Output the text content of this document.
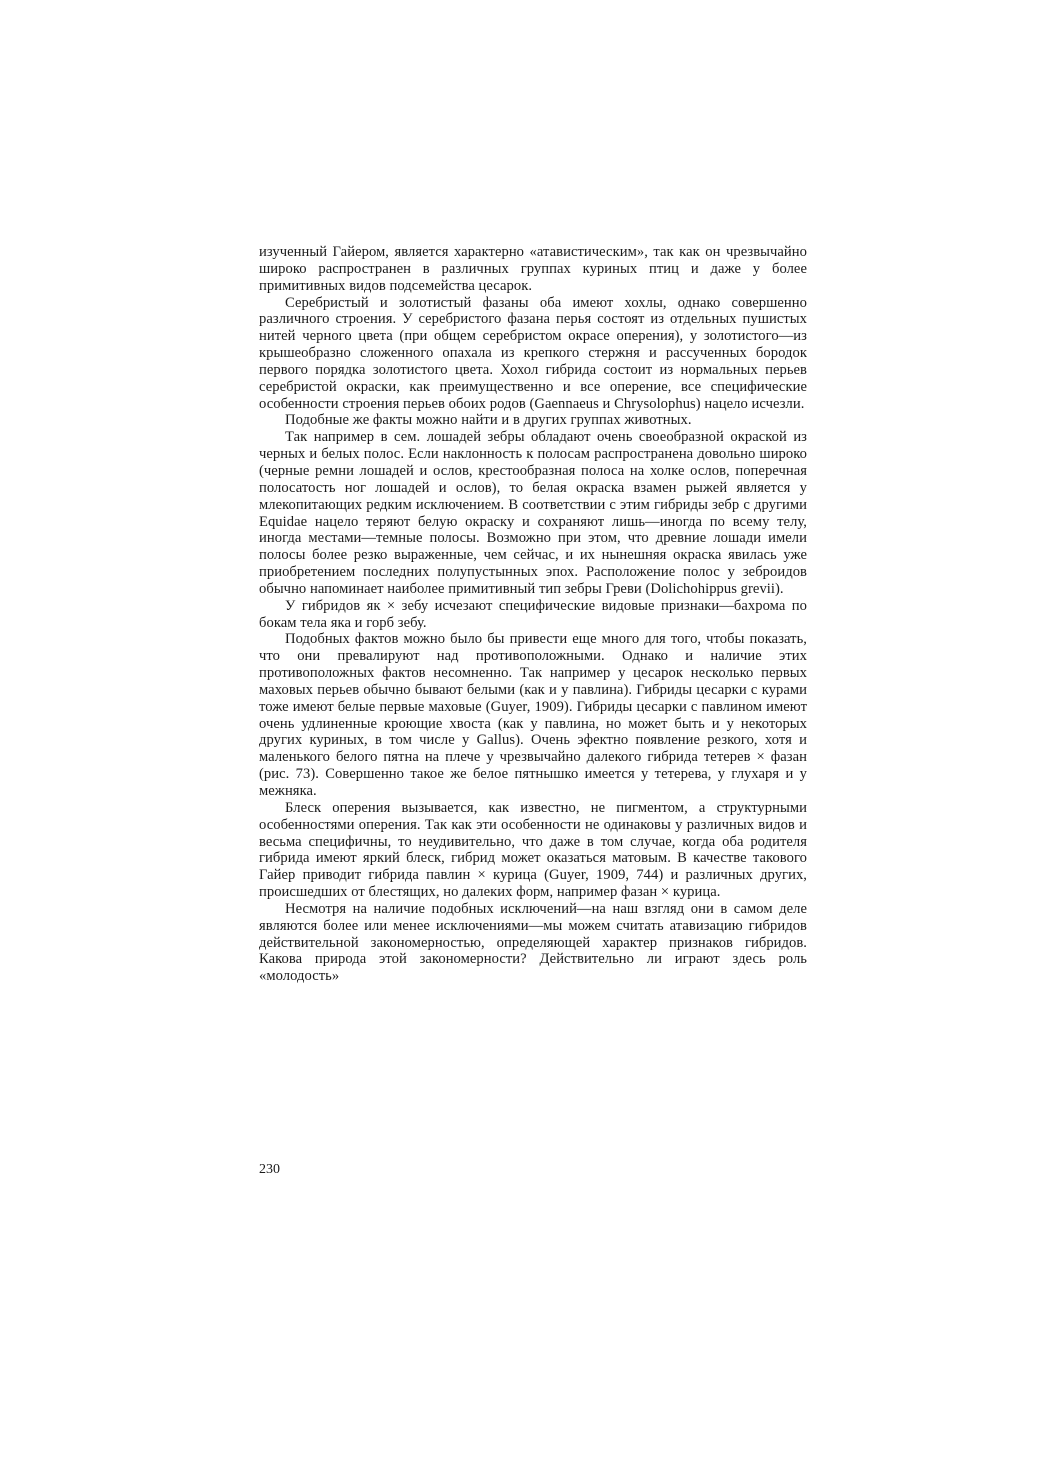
изученный Гайером, является характерно «атавистическим», так как он чрезвычайно широко распространен в различных группах куриных птиц и даже у более примитивных видов подсемейства цесарок.

Серебристый и золотистый фазаны оба имеют хохлы, однако совершенно различного строения. У серебристого фазана перья состоят из отдельных пушистых нитей черного цвета (при общем серебристом окрасе оперения), у золотистого—из крышеобразно сложенного опахала из крепкого стержня и рассученных бородок первого порядка золотистого цвета. Хохол гибрида состоит из нормальных перьев серебристой окраски, как преимущественно и все оперение, все специфические особенности строения перьев обоих родов (Gaennaeus и Chrysolophus) нацело исчезли.

Подобные же факты можно найти и в других группах животных.

Так например в сем. лошадей зебры обладают очень своеобразной окраской из черных и белых полос. Если наклонность к полосам распространена довольно широко (черные ремни лошадей и ослов, крестообразная полоса на холке ослов, поперечная полосатость ног лошадей и ослов), то белая окраска взамен рыжей является у млекопитающих редким исключением. В соответствии с этим гибриды зебр с другими Equidae нацело теряют белую окраску и сохраняют лишь—иногда по всему телу, иногда местами—темные полосы. Возможно при этом, что древние лошади имели полосы более резко выраженные, чем сейчас, и их нынешняя окраска явилась уже приобретением последних полупустынных эпох. Расположение полос у зеброидов обычно напоминает наиболее примитивный тип зебры Греви (Dolichohippus grevii).

У гибридов як × зебу исчезают специфические видовые признаки—бахрома по бокам тела яка и горб зебу.

Подобных фактов можно было бы привести еще много для того, чтобы показать, что они превалируют над противоположными. Однако и наличие этих противоположных фактов несомненно. Так например у цесарок несколько первых маховых перьев обычно бывают белыми (как и у павлина). Гибриды цесарки с курами тоже имеют белые первые маховые (Guyer, 1909). Гибриды цесарки с павлином имеют очень удлиненные кроющие хвоста (как у павлина, но может быть и у некоторых других куриных, в том числе у Gallus). Очень эфектно появление резкого, хотя и маленького белого пятна на плече у чрезвычайно далекого гибрида тетерев × фазан (рис. 73). Совершенно такое же белое пятнышко имеется у тетерева, у глухаря и у межняка.

Блеск оперения вызывается, как известно, не пигментом, а структурными особенностями оперения. Так как эти особенности не одинаковы у различных видов и весьма специфичны, то неудивительно, что даже в том случае, когда оба родителя гибрида имеют яркий блеск, гибрид может оказаться матовым. В качестве такового Гайер приводит гибрида павлин × курица (Guyer, 1909, 744) и различных других, происшедших от блестящих, но далеких форм, например фазан × курица.

Несмотря на наличие подобных исключений—на наш взгляд они в самом деле являются более или менее исключениями—мы можем считать атавизацию гибридов действительной закономерностью, определяющей характер признаков гибридов. Какова природа этой закономерности? Действительно ли играют здесь роль «молодость»

230
